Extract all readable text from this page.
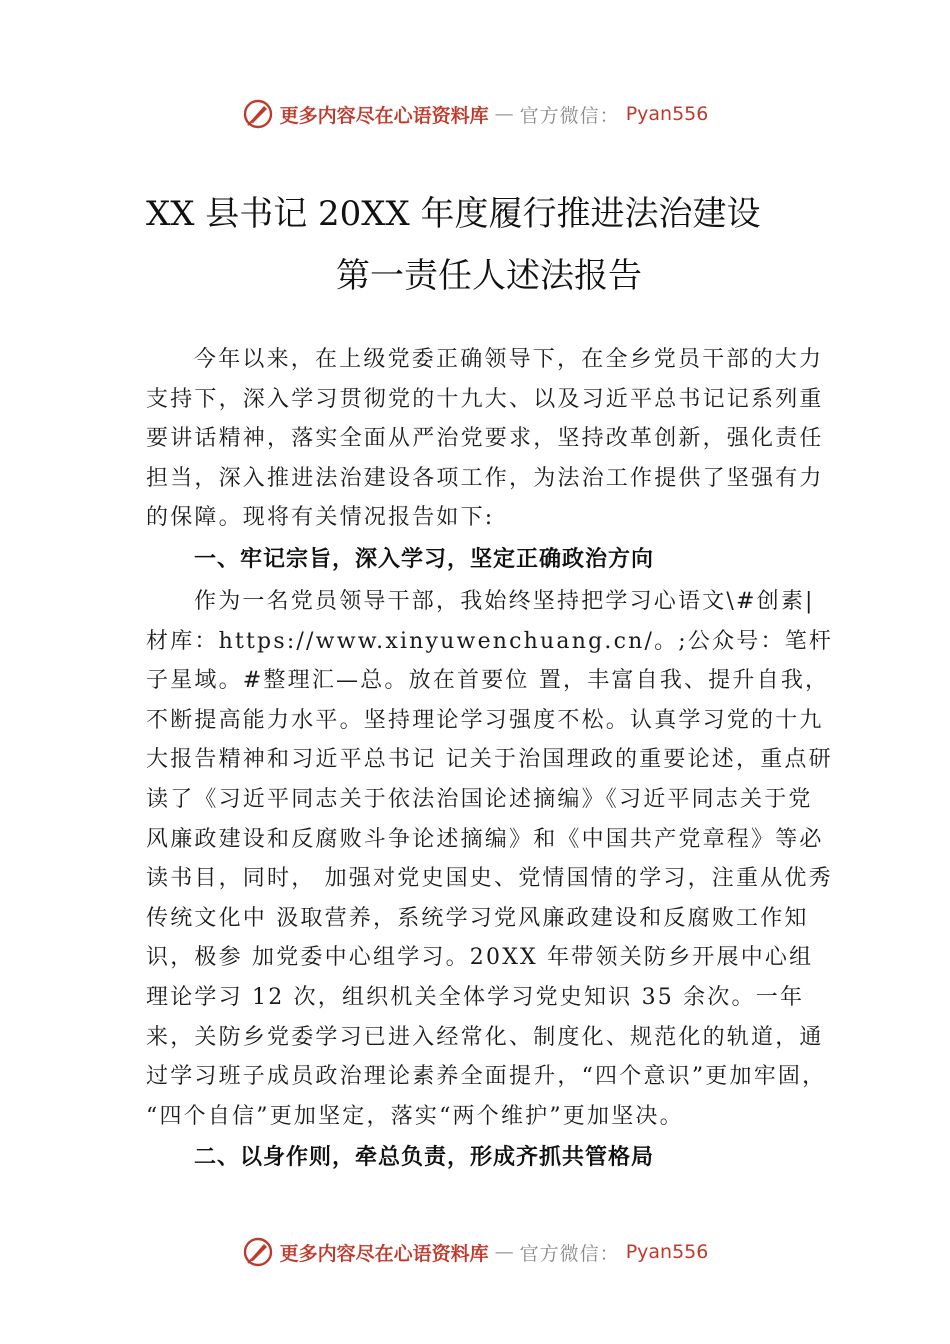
更多内容尽在心语资料库 — 官方微信： Pyan556
XX 县书记 20XX 年度履行推进法治建设
第一责任人述法报告

今年以来，在上级党委正确领导下，在全乡党员干部的大力支持下，深入学习贯彻党的十九大、以及习近平总书记记系列重要讲话精神，落实全面从严治党要求，坚持改革创新，强化责任担当，深入推进法治建设各项工作，为法治工作提供了坚强有力的保障。现将有关情况报告如下:

一、牢记宗旨，深入学习，坚定正确政治方向

作为一名党员领导干部，我始终坚持把学习心语文\#创素|材库：https://www.xinyuwenchuang.cn/。;公众号：笔杆子星域。#整理汇—总。放在首要位 置，丰富自我、提升自我，不断提高能力水平。坚持理论学习强度不松。认真学习党的十九大报告精神和习近平总书记 记关于治国理政的重要论述，重点研读了《习近平同志关于依法治国论述摘编》《习近平同志关于党风廉政建设和反腐败斗争论述摘编》和《中国共产党章程》等必读书目，同时， 加强对党史国史、党情国情的学习，注重从优秀传统文化中 汲取营养，系统学习党风廉政建设和反腐败工作知识，极参 加党委中心组学习。20XX 年带领关防乡开展中心组理论学习 12 次，组织机关全体学习党史知识 35 余次。一年来，关防乡党委学习已进入经常化、制度化、规范化的轨道，通过学习班子成员政治理论素养全面提升，“四个意识”更加牢固， “四个自信”更加坚定，落实“两个维护”更加坚决。

二、以身作则，牵总负责，形成齐抓共管格局
更多内容尽在心语资料库 — 官方微信： Pyan556
